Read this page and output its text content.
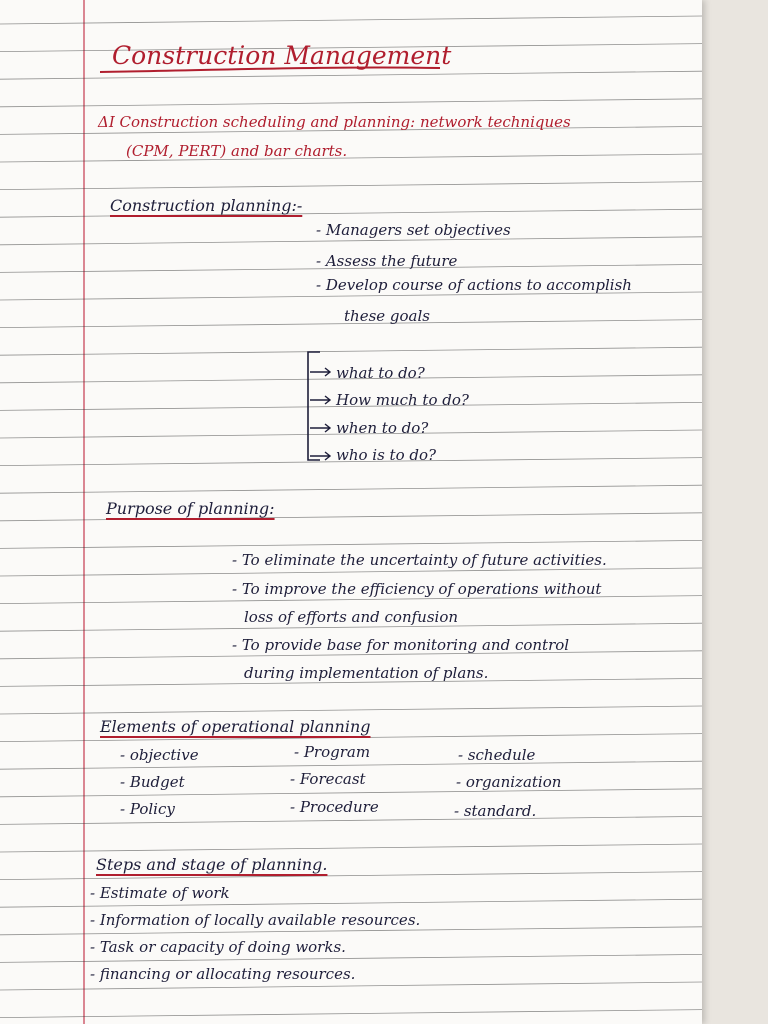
Construction Management
ΔΙ Construction scheduling and planning: network techniques
(CPM, PERT) and bar charts.
Construction planning:-
- Managers set objectives
- Assess the future
- Develop course of actions to accomplish
these goals
what to do?
How much to do?
when to do?
who is to do?
Purpose of planning:
- To eliminate the uncertainty of future activities.
- To improve the efficiency of operations without
loss of efforts and confusion
- To provide base for monitoring and control
during implementation of plans.
Elements of operational planning
- objective
- Budget
- Policy
- Program
- Forecast
- Procedure
- schedule
- organization
- standard.
Steps and stage of planning.
- Estimate of work
- Information of locally available resources.
- Task or capacity of doing works.
- financing or allocating resources.
